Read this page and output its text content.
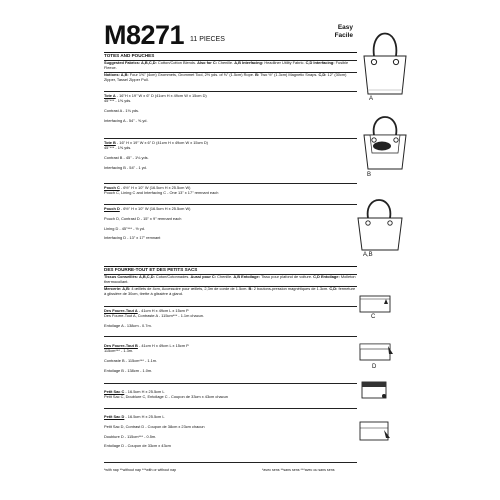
M8271 11 PIECES
Easy
Facile
TOTES AND POUCHES
Suggested Fabrics: A,B,C,D: Cotton/Cotton Blends. Also for C: Chenille. A,B Interfacing: Headliner Utility Fabric. C,D Interfacing: Fusible Fleece.
Notions: A,B: Four 1⅝" (4cm) Grommets, Grommet Tool, 2½ yds. of ⅝" (1.5cm) Rope. B: Two ½" (1.3cm) Magnetic Snaps. C,D: 12" (30cm) Zipper, Tassel Zipper Pull.
Tote A - 16"H x 19" W x 6" D (41cm H x 49cm W x 15cm D)
45"*** - 1⅝ yds.

Contrast A - 1⅛ yds.

Interfacing A - 54" - ⅝ yd.
Tote B - 16" H x 19" W x 6" D (41cm H x 49cm W x 15cm D)
45"*** - 1⅝ yds.

Contrast B - 45" - 1⅛ yds.

Interfacing B - 54" - 1 yd.
Pouch C - 6½" H x 10" W (16.5cm H x 25.5cm W)
Pouch C, Lining C and Interfacing C - One 13" x 17" remnant each
Pouch D - 6½" H x 10" W (16.5cm H x 25.5cm W)

Pouch D, Contrast D - 15" x 9" remnant each

Lining D - 45"*** - ½ yd.

Interfacing D - 13" x 17" remnant
DES FOURRE-TOUT ET DES PETITS SACS
Tissus Conseillés: A,B,C,D: Coton/Cotonnades. Aussi pour C: Chenille. A,B Entoilage: Tissu pour plafond de voiture. C,D Entoilage: Molleton thermocollant.
Mercerie: A,B: 4 œillets de 4cm, Accessoire pour œillets, 2,3m de corde de 1.5cm. B: 2 boutons-pression magnétiques de 1.3cm. C,D: fermeture à glissière de 30cm, tirette à glissière à gland.
Des Fourre-Tout A - 41cm H x 49cm L x 15cm P
Des Fourre-Tout A, Contraste A - 115cm*** - 1.1m chacun.

Entoilage A - 138cm - 0.7m.
Des Fourre-Tout B - 41cm H x 49cm L x 15cm P
115cm*** - 1.3m.

Contraste B - 115cm*** - 1.1m.

Entoilage B - 138cm - 1.0m.
Petit Sac C - 16.5cm H x 25.5cm L
Petit Sac C, Doublure C, Entoilage C - Coupon de 33cm x 43cm chacun
Petit Sac D - 16.5cm H x 25.5cm L

Petit Sac D, Contrast D - Coupon de 38cm x 23cm chacun

Doublure D - 115cm*** - 0.5m.

Entoilage D - Coupon de 33cm x 43cm
*with nap **without nap ***with or without nap	*avec sens **sans sens ***avec ou sans sens
A
B
A,B
C
D
